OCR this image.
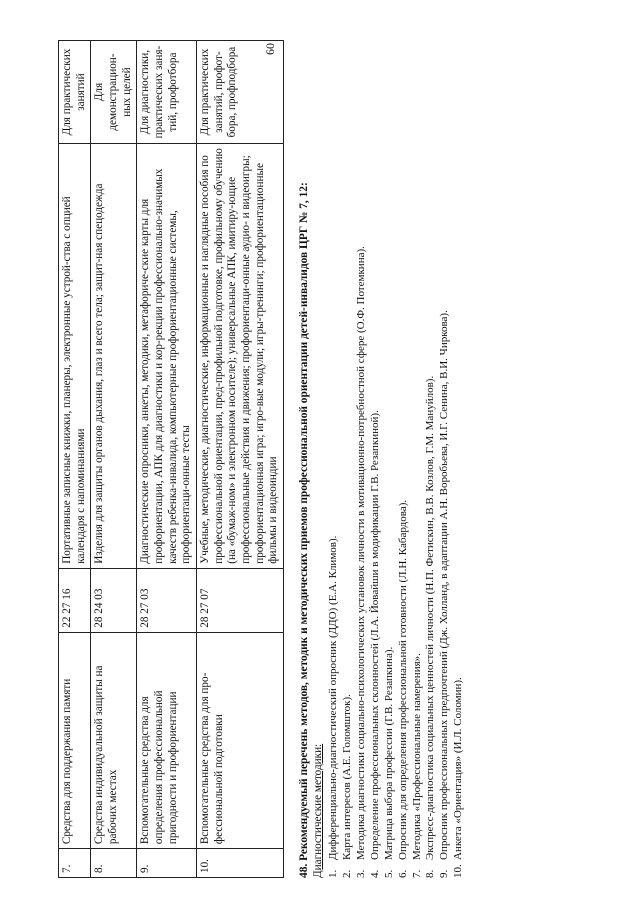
60
7.	Средства для поддержания памяти	22 27 16	Портативные записные книжки, планеры, электронные устрой-ства с опцией календаря с напоминаниями	Для практических занятий
8.	Средства индивидуальной защиты на рабочих местах	28 24 03	Изделия для защиты органов дыхания, глаз и всего тела; защит-ная спецодежда	Для демонстрацион-ных целей
9.	Вспомогательные средства для определения профессиональной пригодности и профориентации	28 27 03	Диагностические опросники, анкеты, методики, метафориче-ские карты для профориентации, АПК для диагностики и кор-рекции профессионально-значимых качеств ребенка-инвалида, компьютерные профориентационные системы, профориентаци-онные тесты	Для диагностики, практических заня-тий, профотбора
10.	Вспомогательные средства для про-фессиональной подготовки	28 27 07	Учебные, методические, диагностические, информационные и наглядные пособия по профессиональной ориентации, пред-профильной подготовке, профильному обучению (на «бумаж-ном» и электронном носителе); универсальные АПК, имитиру-ющие профессиональные действия и движения; профориентаци-онные аудио- и видеоигры; профориентационная игра; игро-вые модули; игры-тренинги; профориентационные фильмы и видеоиндии	Для практических занятий, профот-бора, профподбора
48. Рекомендуемый перечень методов, методик и методических приемов профессиональной ориентации детей-инвалидов ЦРГ № 7, 12: Диагностические методики: 1.
Дифференциально-диагностический опросник (ДДО) (Е.А. Климов).
2.
Карта интересов (А.Е. Голомшток).
3.
Методика диагностики социально-психологических установок личности в мотивационно-потребностной сфере (О.Ф. Потемкина).
4.
Определение профессиональных склонностей (Л.А. Йовайши в модификации Г.В. Резапкиной).
5.
Матрица выбора профессии (Г.В. Резапкина).
6.
Опросник для определения профессиональной готовности (Л.Н. Кабардова).
7.
Методика «Профессиональные намерения».
8.
Экспресс-диагностика социальных ценностей личности (Н.П. Фетискин, В.В. Козлов, Г.М. Мануйлов).
9.
Опросник профессиональных предпочтений (Дж. Холланд, в адаптации А.Н. Воробьева, И.Г. Сенина, В.И. Чиркова).
10.
Анкета «Ориентация» (И.Л. Соломин).
